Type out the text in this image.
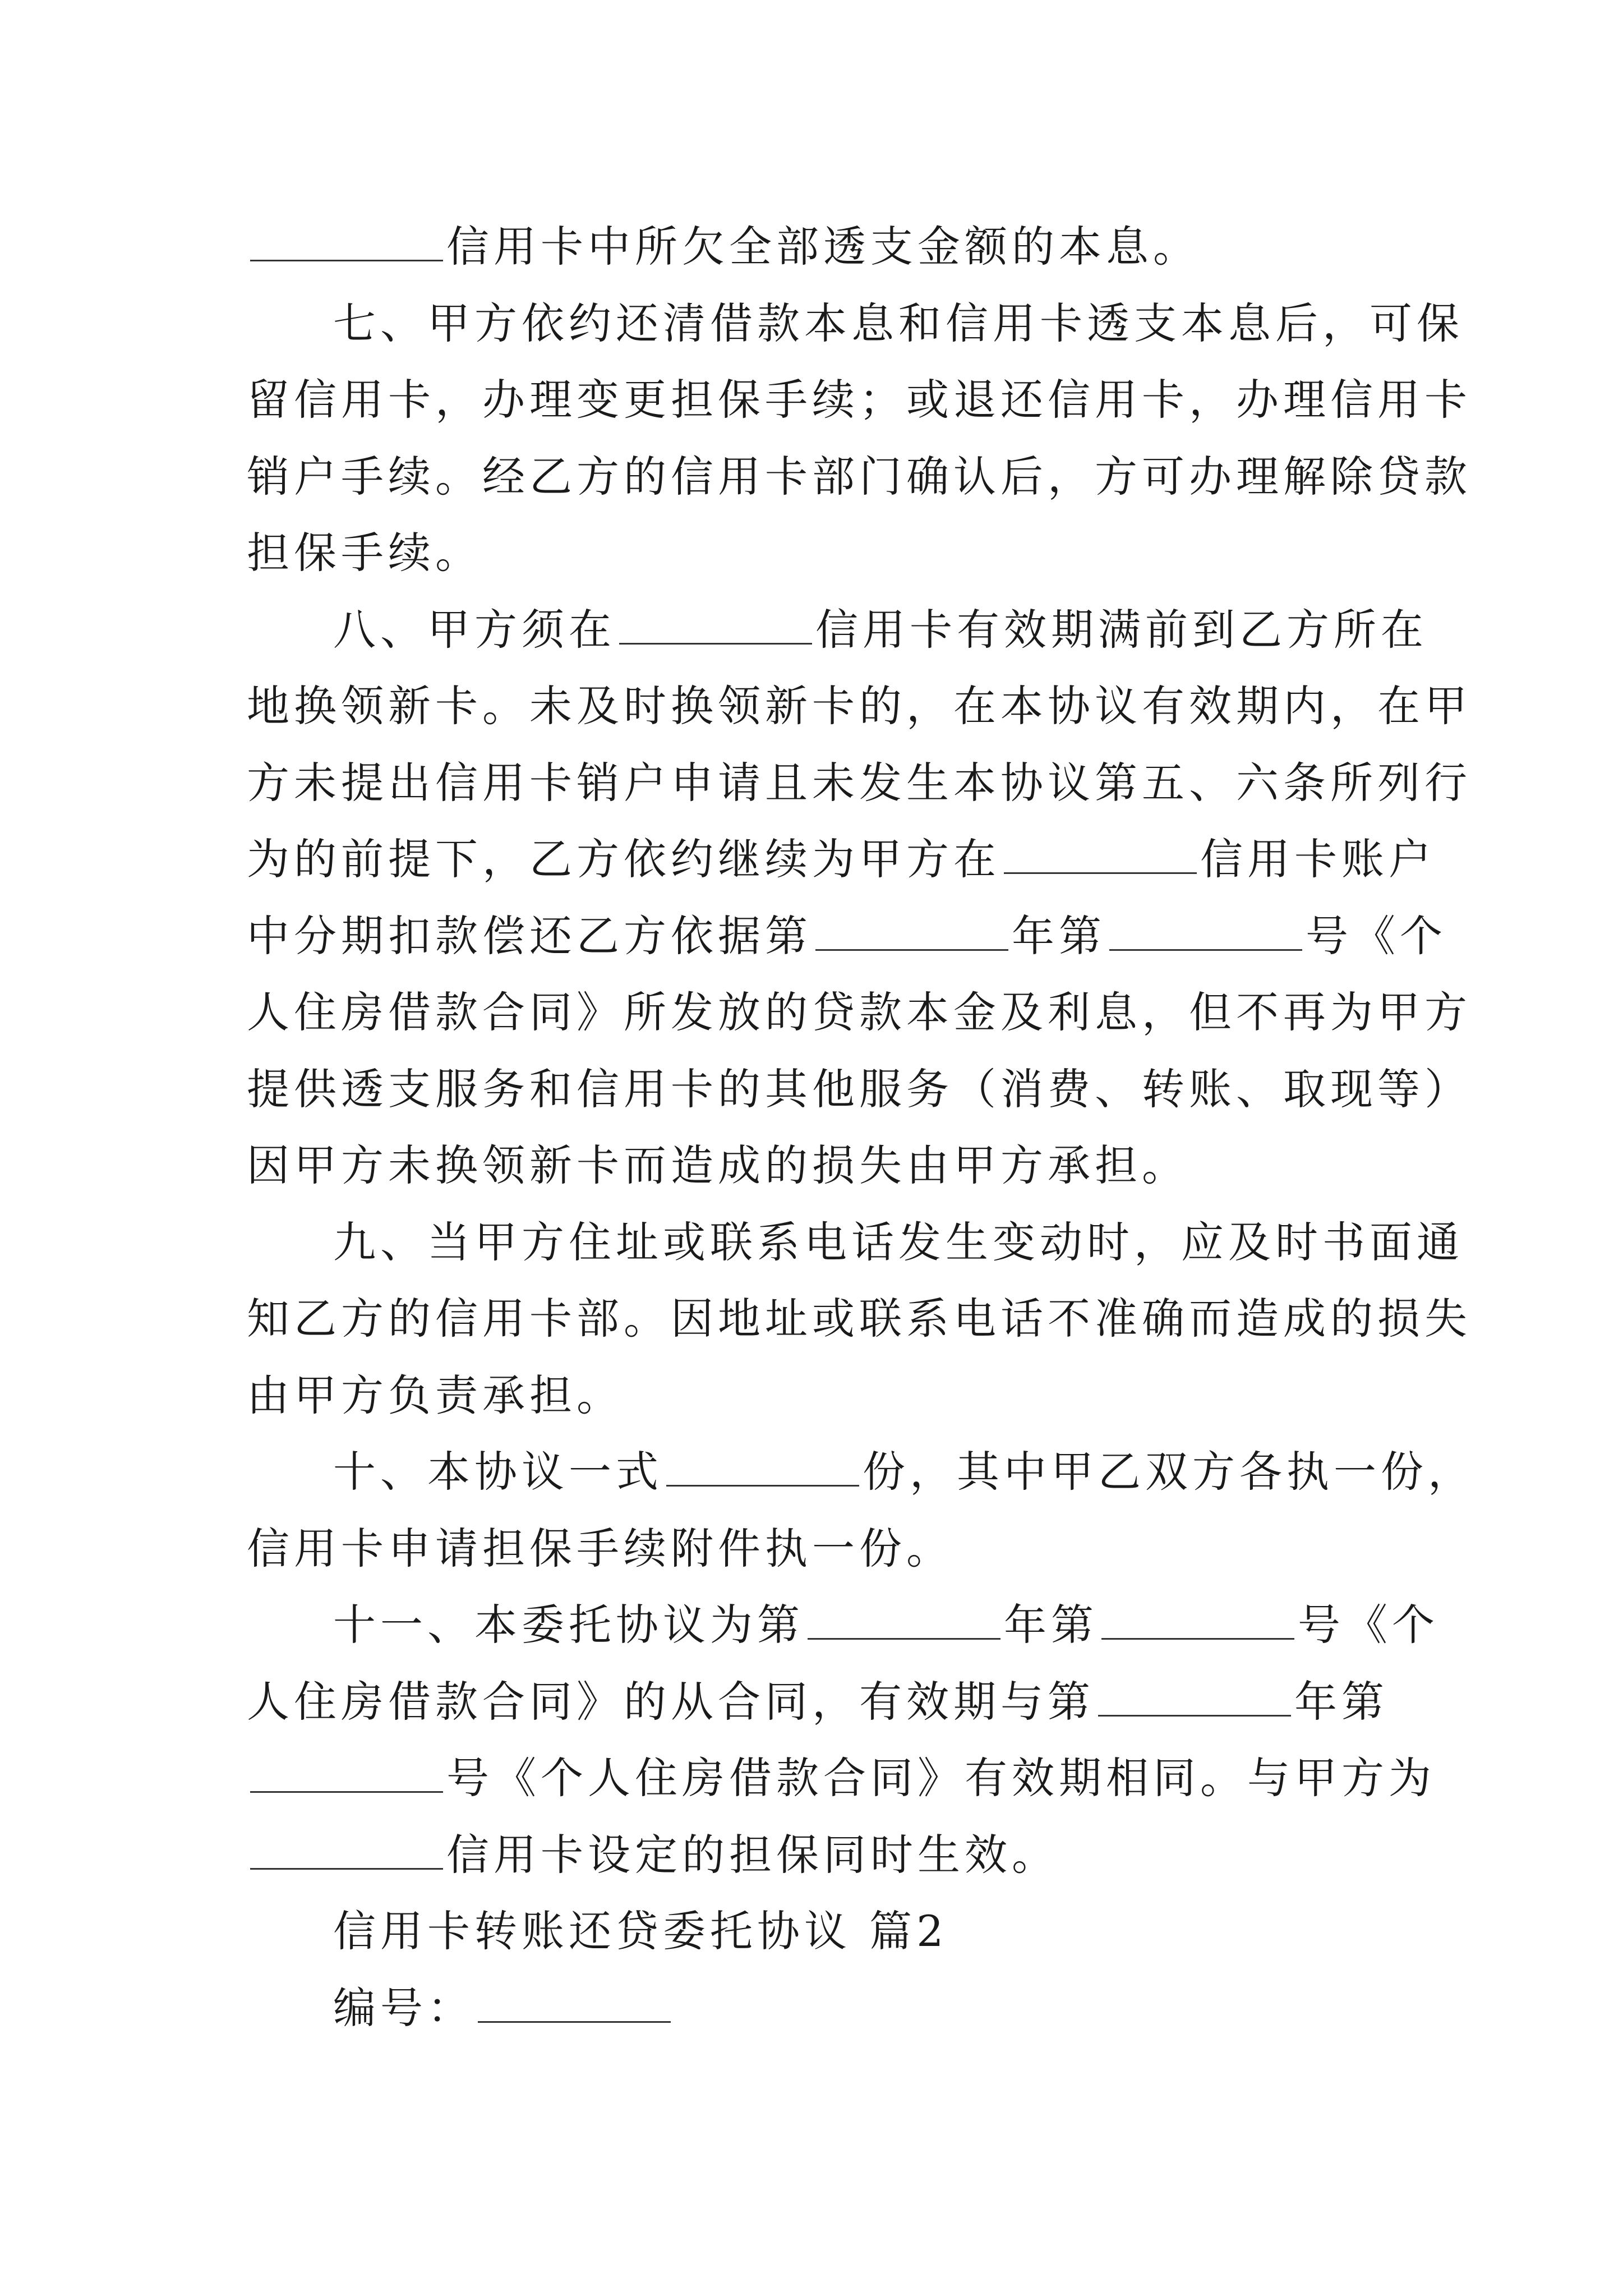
信用卡中所欠全部透支金额的本息。
七、甲方依约还清借款本息和信用卡透支本息后，可保
留信用卡，办理变更担保手续；或退还信用卡，办理信用卡
销户手续。经乙方的信用卡部门确认后，方可办理解除贷款
担保手续。
八、甲方须在	信用卡有效期满前到乙方所在
地换领新卡。未及时换领新卡的，在本协议有效期内，在甲
方未提出信用卡销户申请且未发生本协议第五、六条所列行
为的前提下，乙方依约继续为甲方在	信用卡账户
中分期扣款偿还乙方依据第	年第	号《个
人住房借款合同》所发放的贷款本金及利息，但不再为甲方
提供透支服务和信用卡的其他服务（消费、转账、取现等）
因甲方未换领新卡而造成的损失由甲方承担。
九、当甲方住址或联系电话发生变动时，应及时书面通
知乙方的信用卡部。因地址或联系电话不准确而造成的损失
由甲方负责承担。
十、本协议一式	份，其中甲乙双方各执一份，
信用卡申请担保手续附件执一份。
十一、本委托协议为第	年第	号《个
人住房借款合同》的从合同，有效期与第	年第
号《个人住房借款合同》有效期相同。与甲方为
信用卡设定的担保同时生效。
信用卡转账还贷委托协议 篇2
编号：
